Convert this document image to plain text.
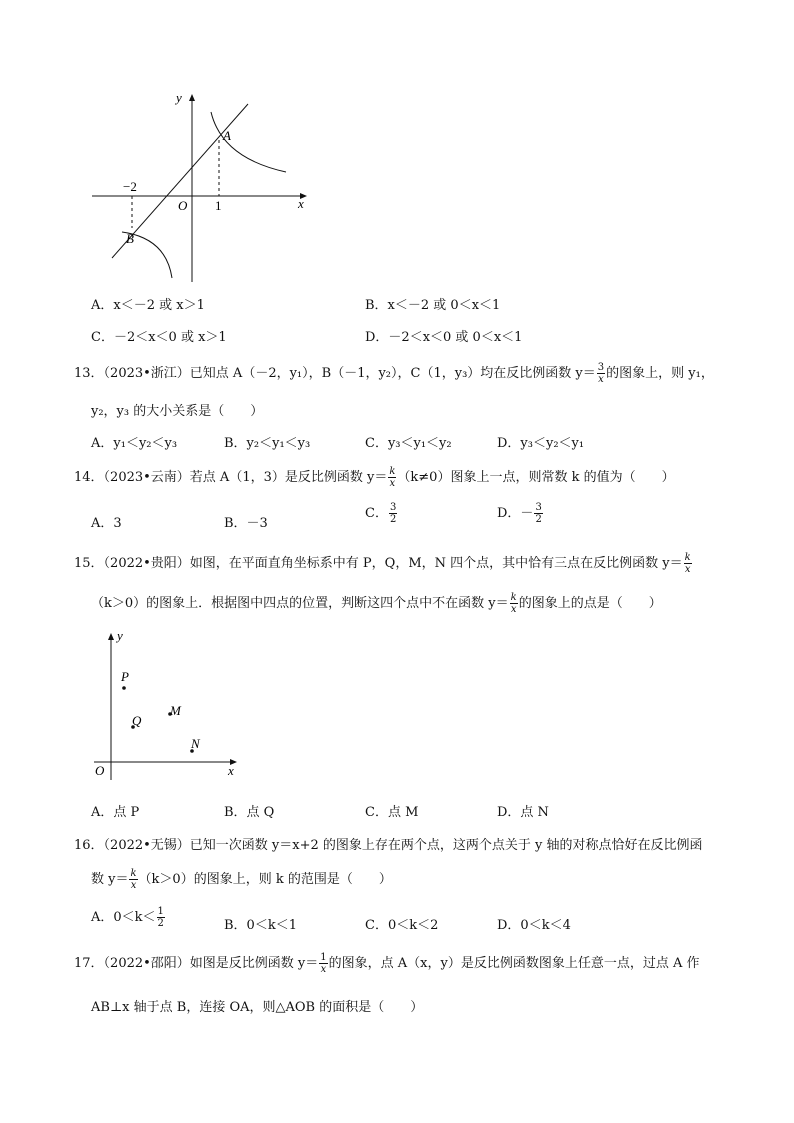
y
x
O
A
B
−2
1
A．x＜－2 或 x＞1	B．x＜－2 或 0＜x＜1
C．－2＜x＜0 或 x＞1	D．－2＜x＜0 或 0＜x＜1
13．（2023•浙江）已知点 A（－2，y₁），B（－1，y₂），C（1，y₃）均在反比例函数 $y= \frac{3}{x}$ 的图象上，则 y₁，
y₂，y₃ 的大小关系是（　　）
A．y₁＜y₂＜y₃	B．y₂＜y₁＜y₃	C．y₃＜y₁＜y₂	D．y₃＜y₂＜y₁
14．（2023•云南）若点 A（1，3）是反比例函数 $y= \frac{k}{x} (k\ne 0)$图象上一点，则常数 k 的值为（　　）
A．3	B．－3
C． $\frac{3}{2}$	D．－ $\frac{3}{2}$
15．（2022•贵阳）如图，在平面直角坐标系中有 P，Q，M，N 四个点，其中恰有三点在反比例函数 $y= \frac{k}{x}$
（k＞0）的图象上．根据图中四点的位置，判断这四个点中不在函数 $y= \frac{k}{x}$ 的图象上的点是（　　）
y
x
O
P
Q
M
N
A．点 P	B．点 Q	C．点 M	D．点 N
16．（2022•无锡）已知一次函数 y＝x+2 的图象上存在两个点，这两个点关于 y 轴的对称点恰好在反比例函
数 $y= \frac{k}{x} (k>0)$的图象上，则 k 的范围是（　　）
A．$0<k< \frac{1}{2}$	B．0＜k＜1	C．0＜k＜2	D．0＜k＜4
17．（2022•邵阳）如图是反比例函数 $y= \frac{1}{x}$ 的图象，点 A（x，y）是反比例函数图象上任意一点，过点 A 作
AB⊥x 轴于点 B，连接 OA，则△AOB 的面积是（　　）
